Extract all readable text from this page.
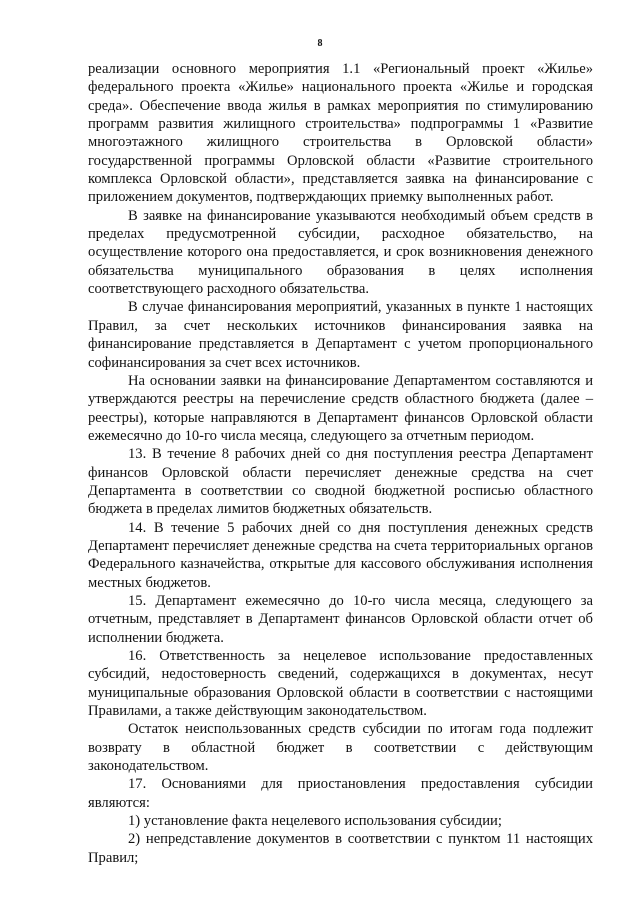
8

реализации основного мероприятия 1.1 «Региональный проект «Жилье» федерального проекта «Жилье» национального проекта «Жилье и городская среда». Обеспечение ввода жилья в рамках мероприятия по стимулированию программ развития жилищного строительства» подпрограммы 1 «Развитие многоэтажного жилищного строительства в Орловской области» государственной программы Орловской области «Развитие строительного комплекса Орловской области», представляется заявка на финансирование с приложением документов, подтверждающих приемку выполненных работ.

В заявке на финансирование указываются необходимый объем средств в пределах предусмотренной субсидии, расходное обязательство, на осуществление которого она предоставляется, и срок возникновения денежного обязательства муниципального образования в целях исполнения соответствующего расходного обязательства.

В случае финансирования мероприятий, указанных в пункте 1 настоящих Правил, за счет нескольких источников финансирования заявка на финансирование представляется в Департамент с учетом пропорционального софинансирования за счет всех источников.

На основании заявки на финансирование Департаментом составляются и утверждаются реестры на перечисление средств областного бюджета (далее – реестры), которые направляются в Департамент финансов Орловской области ежемесячно до 10-го числа месяца, следующего за отчетным периодом.

13. В течение 8 рабочих дней со дня поступления реестра Департамент финансов Орловской области перечисляет денежные средства на счет Департамента в соответствии со сводной бюджетной росписью областного бюджета в пределах лимитов бюджетных обязательств.

14. В течение 5 рабочих дней со дня поступления денежных средств Департамент перечисляет денежные средства на счета территориальных органов Федерального казначейства, открытые для кассового обслуживания исполнения местных бюджетов.

15. Департамент ежемесячно до 10-го числа месяца, следующего за отчетным, представляет в Департамент финансов Орловской области отчет об исполнении бюджета.

16. Ответственность за нецелевое использование предоставленных субсидий, недостоверность сведений, содержащихся в документах, несут муниципальные образования Орловской области в соответствии с настоящими Правилами, а также действующим законодательством.

Остаток неиспользованных средств субсидии по итогам года подлежит возврату в областной бюджет в соответствии с действующим законодательством.

17. Основаниями для приостановления предоставления субсидии являются:

1) установление факта нецелевого использования субсидии;

2) непредставление документов в соответствии с пунктом 11 настоящих Правил;
